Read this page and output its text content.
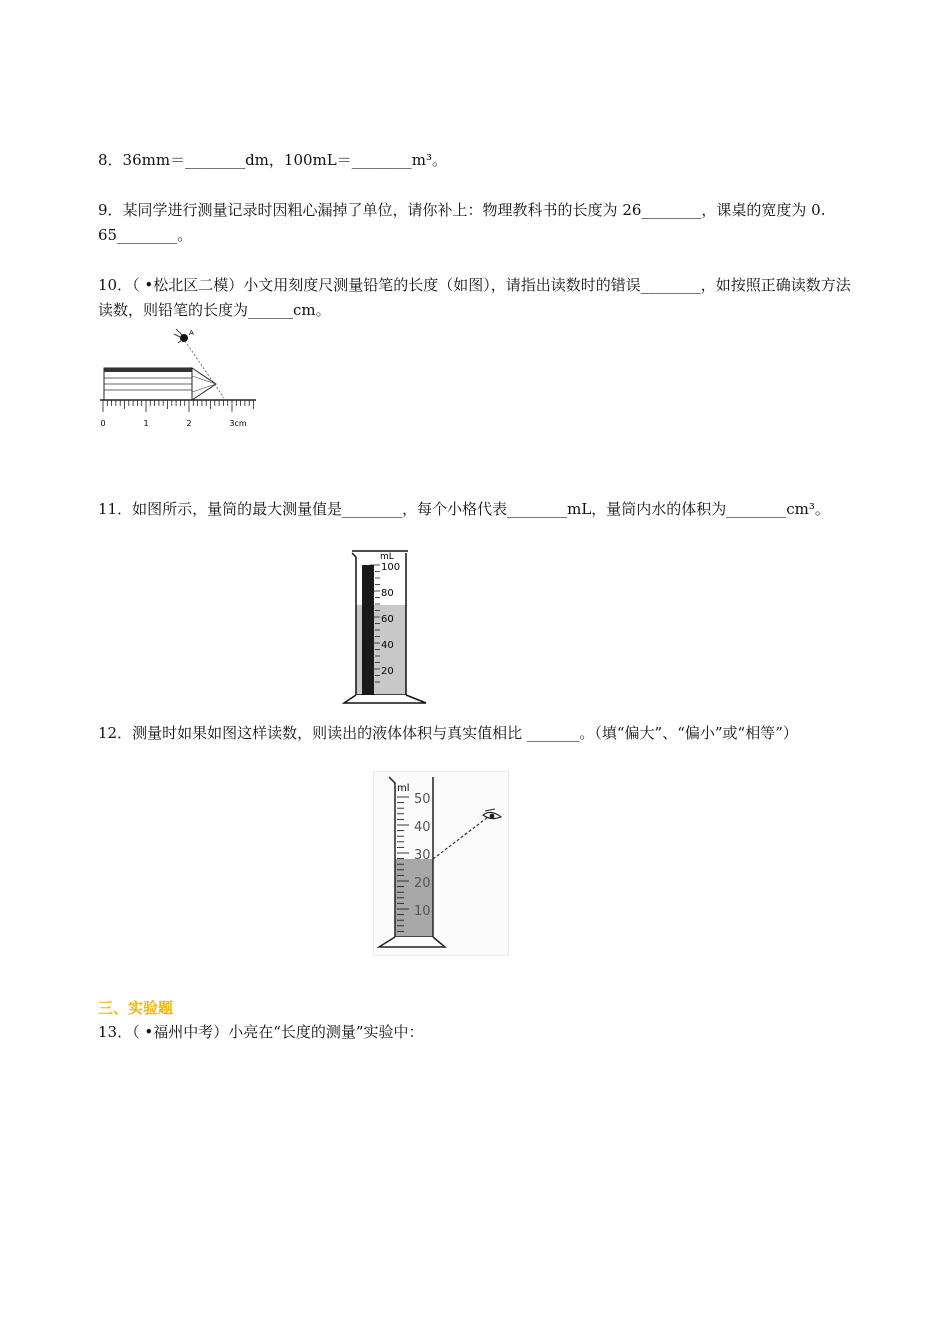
8．36mm＝________dm，100mL＝________m³。

9．某同学进行测量记录时因粗心漏掉了单位，请你补上：物理教科书的长度为 26________，课桌的宽度为 0. 65________。

10．（ •松北区二模）小文用刻度尺测量铅笔的长度（如图），请指出读数时的错误________，如按照正确读数方法读数，则铅笔的长度为______cm。

A
0	1	2	3cm

11．如图所示，量筒的最大测量值是________，每个小格代表________mL，量筒内水的体积为________cm³。

mL
100
80
60
40
20

12．测量时如果如图这样读数，则读出的液体体积与真实值相比 _______。（填“偏大”、“偏小”或“相等”）

ml
50
40
30
20
10
三、实验题

13．（ •福州中考）小亮在“长度的测量”实验中：
